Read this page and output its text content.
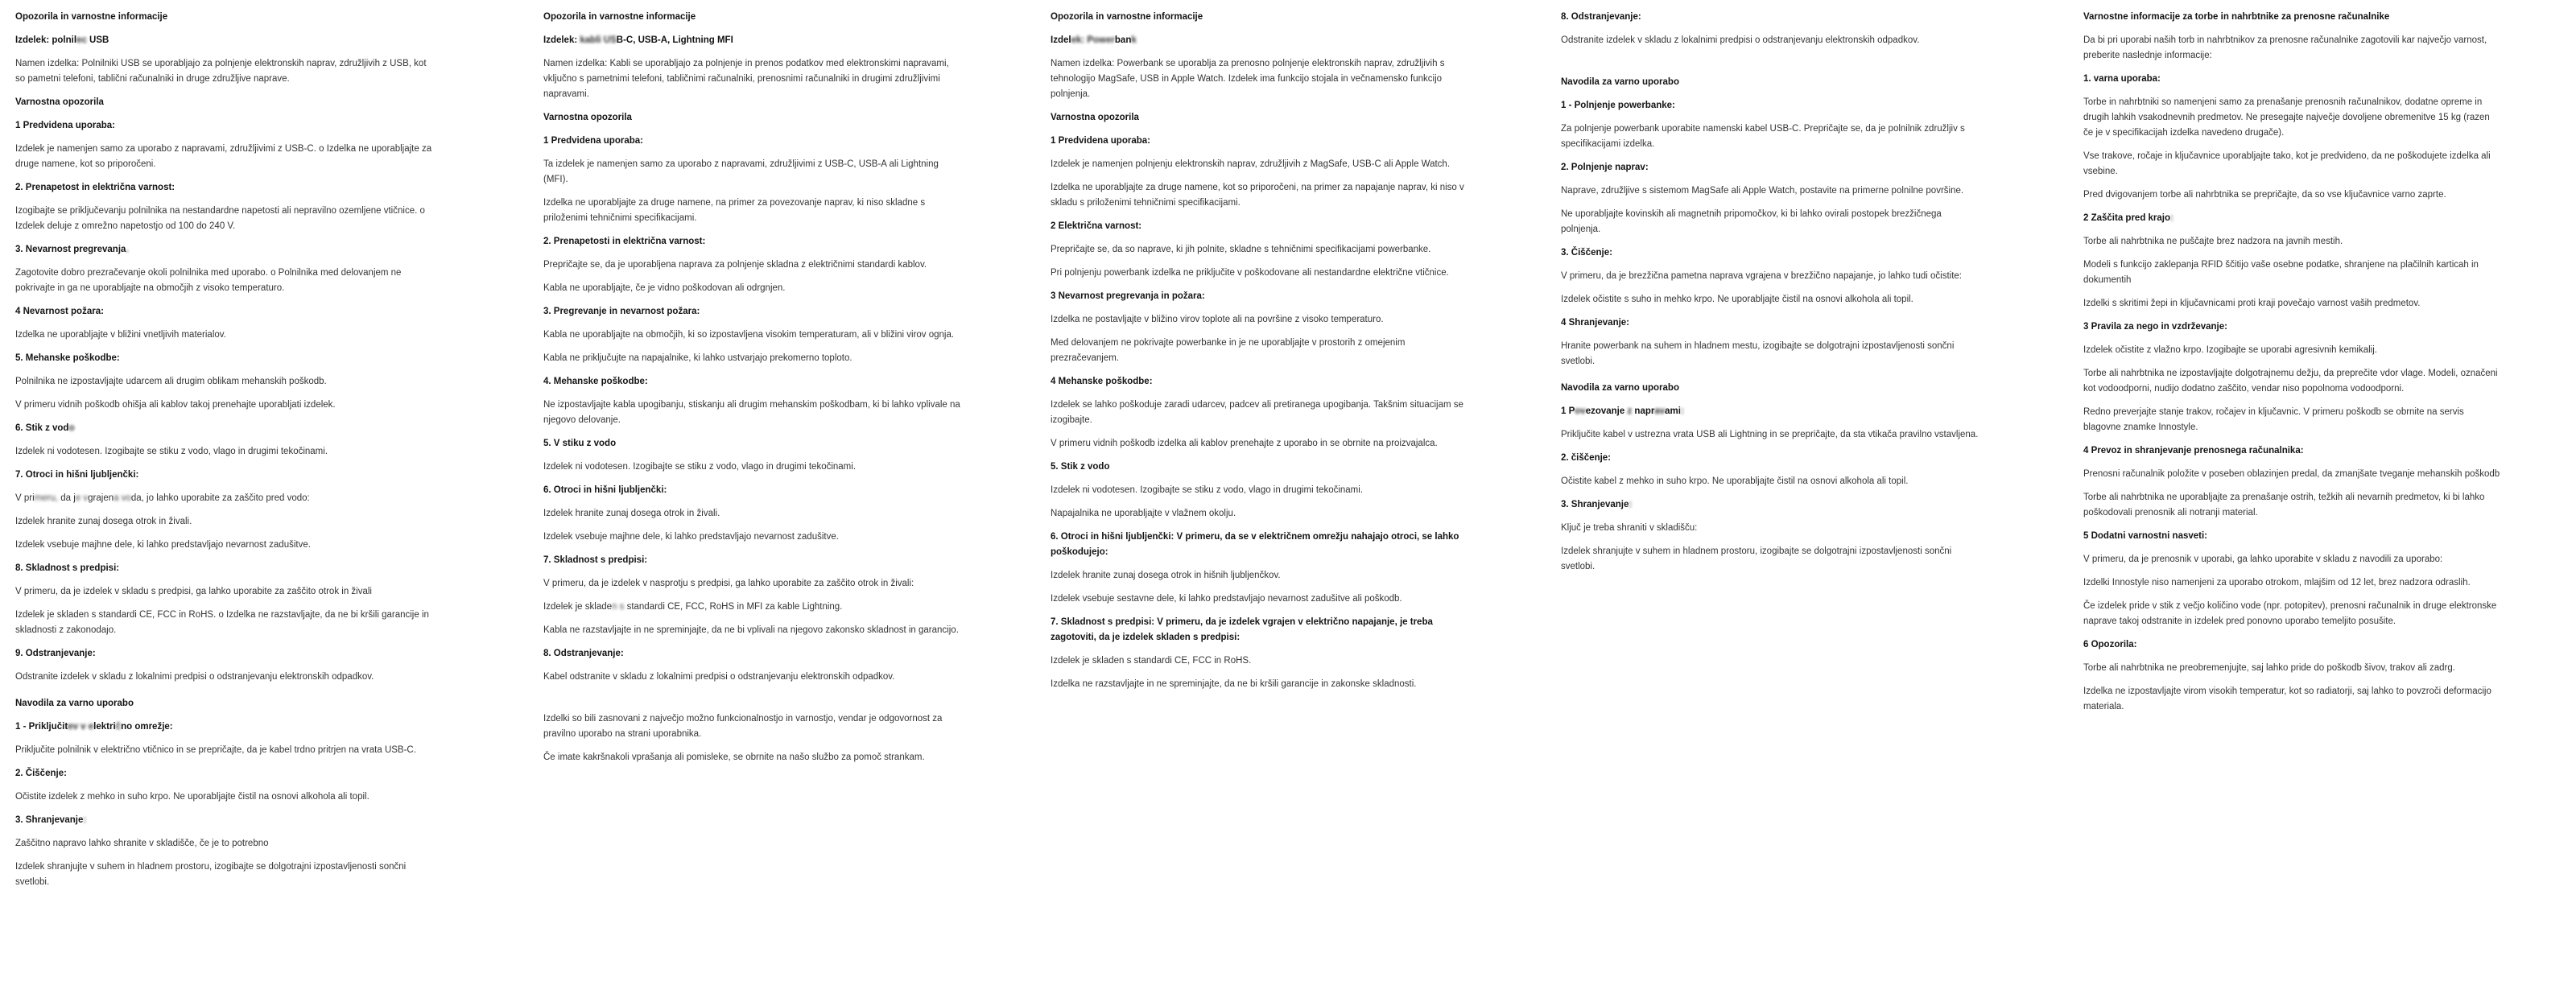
Opozorila in varnostne informacije
Izdelek: polnilec USB
Namen izdelka: Polnilniki USB se uporabljajo za polnjenje elektronskih naprav, združljivih z USB, kot so pametni telefoni, tablični računalniki in druge združljive naprave.
Varnostna opozorila
1 Predvidena uporaba:
Izdelek je namenjen samo za uporabo z napravami, združljivimi z USB-C. o Izdelka ne uporabljajte za druge namene, kot so priporočeni.
2. Prenapetost in električna varnost:
Izogibajte se priključevanju polnilnika na nestandardne napetosti ali nepravilno ozemljene vtičnice. o Izdelek deluje z omrežno napetostjo od 100 do 240 V.
3. Nevarnost pregrevanja.
Zagotovite dobro prezračevanje okoli polnilnika med uporabo. o Polnilnika med delovanjem ne pokrivajte in ga ne uporabljajte na območjih z visoko temperaturo.
4 Nevarnost požara:
Izdelka ne uporabljajte v bližini vnetljivih materialov.
5. Mehanske poškodbe:
Polnilnika ne izpostavljajte udarcem ali drugim oblikam mehanskih poškodb.
V primeru vidnih poškodb ohišja ali kablov takoj prenehajte uporabljati izdelek.
6. Stik z vodo
Izdelek ni vodotesen. Izogibajte se stiku z vodo, vlago in drugimi tekočinami.
7. Otroci in hišni ljubljenčki:
V primeru, da je vgrajena voda, jo lahko uporabite za zaščito pred vodo:
Izdelek hranite zunaj dosega otrok in živali.
Izdelek vsebuje majhne dele, ki lahko predstavljajo nevarnost zadušitve.
8. Skladnost s predpisi:
V primeru, da je izdelek v skladu s predpisi, ga lahko uporabite za zaščito otrok in živali
Izdelek je skladen s standardi CE, FCC in RoHS. o Izdelka ne razstavljajte, da ne bi kršili garancije in skladnosti z zakonodajo.
9. Odstranjevanje:
Odstranite izdelek v skladu z lokalnimi predpisi o odstranjevanju elektronskih odpadkov.
Navodila za varno uporabo
1 - Priključitev v električno omrežje:
Priključite polnilnik v električno vtičnico in se prepričajte, da je kabel trdno pritrjen na vrata USB-C.
2. Čiščenje:
Očistite izdelek z mehko in suho krpo. Ne uporabljajte čistil na osnovi alkohola ali topil.
3. Shranjevanje:
Zaščitno napravo lahko shranite v skladišče, če je to potrebno
Izdelek shranjujte v suhem in hladnem prostoru, izogibajte se dolgotrajni izpostavljenosti sončni svetlobi.
Opozorila in varnostne informacije
Izdelek: kabli USB-C, USB-A, Lightning MFI
Namen izdelka: Kabli se uporabljajo za polnjenje in prenos podatkov med elektronskimi napravami, vključno s pametnimi telefoni, tabličnimi računalniki, prenosnimi računalniki in drugimi združljivimi napravami.
Varnostna opozorila
1 Predvidena uporaba:
Ta izdelek je namenjen samo za uporabo z napravami, združljivimi z USB-C, USB-A ali Lightning (MFI).
Izdelka ne uporabljajte za druge namene, na primer za povezovanje naprav, ki niso skladne s priloženimi tehničnimi specifikacijami.
2. Prenapetosti in električna varnost:
Prepričajte se, da je uporabljena naprava za polnjenje skladna z električnimi standardi kablov.
Kabla ne uporabljajte, če je vidno poškodovan ali odrgnjen.
3. Pregrevanje in nevarnost požara:
Kabla ne uporabljajte na območjih, ki so izpostavljena visokim temperaturam, ali v bližini virov ognja.
Kabla ne priključujte na napajalnike, ki lahko ustvarjajo prekomerno toploto.
4. Mehanske poškodbe:
Ne izpostavljajte kabla upogibanju, stiskanju ali drugim mehanskim poškodbam, ki bi lahko vplivale na njegovo delovanje.
5. V stiku z vodo
Izdelek ni vodotesen. Izogibajte se stiku z vodo, vlago in drugimi tekočinami.
6. Otroci in hišni ljubljenčki:
Izdelek hranite zunaj dosega otrok in živali.
Izdelek vsebuje majhne dele, ki lahko predstavljajo nevarnost zadušitve.
7. Skladnost s predpisi:
V primeru, da je izdelek v nasprotju s predpisi, ga lahko uporabite za zaščito otrok in živali:
Izdelek je skladen s standardi CE, FCC, RoHS in MFI za kable Lightning.
Kabla ne razstavljajte in ne spreminjajte, da ne bi vplivali na njegovo zakonsko skladnost in garancijo.
8. Odstranjevanje:
Kabel odstranite v skladu z lokalnimi predpisi o odstranjevanju elektronskih odpadkov.
Izdelki so bili zasnovani z največjo možno funkcionalnostjo in varnostjo, vendar je odgovornost za pravilno uporabo na strani uporabnika.
Če imate kakršnakoli vprašanja ali pomisleke, se obrnite na našo službo za pomoč strankam.
Opozorila in varnostne informacije
Izdelek: Powerbank
Namen izdelka: Powerbank se uporablja za prenosno polnjenje elektronskih naprav, združljivih s tehnologijo MagSafe, USB in Apple Watch. Izdelek ima funkcijo stojala in večnamensko funkcijo polnjenja.
Varnostna opozorila
1 Predvidena uporaba:
Izdelek je namenjen polnjenju elektronskih naprav, združljivih z MagSafe, USB-C ali Apple Watch.
Izdelka ne uporabljajte za druge namene, kot so priporočeni, na primer za napajanje naprav, ki niso v skladu s priloženimi tehničnimi specifikacijami.
2 Električna varnost:
Prepričajte se, da so naprave, ki jih polnite, skladne s tehničnimi specifikacijami powerbanke.
Pri polnjenju powerbank izdelka ne priključite v poškodovane ali nestandardne električne vtičnice.
3 Nevarnost pregrevanja in požara:
Izdelka ne postavljajte v bližino virov toplote ali na površine z visoko temperaturo.
Med delovanjem ne pokrivajte powerbanke in je ne uporabljajte v prostorih z omejenim prezračevanjem.
4 Mehanske poškodbe:
Izdelek se lahko poškoduje zaradi udarcev, padcev ali pretiranega upogibanja. Takšnim situacijam se izogibajte.
V primeru vidnih poškodb izdelka ali kablov prenehajte z uporabo in se obrnite na proizvajalca.
5. Stik z vodo
Izdelek ni vodotesen. Izogibajte se stiku z vodo, vlago in drugimi tekočinami.
Napajalnika ne uporabljajte v vlažnem okolju.
6. Otroci in hišni ljubljenčki: V primeru, da se v električnem omrežju nahajajo otroci, se lahko poškodujejo:
Izdelek hranite zunaj dosega otrok in hišnih ljubljenčkov.
Izdelek vsebuje sestavne dele, ki lahko predstavljajo nevarnost zadušitve ali poškodb.
7. Skladnost s predpisi: V primeru, da je izdelek vgrajen v električno napajanje, je treba zagotoviti, da je izdelek skladen s predpisi:
Izdelek je skladen s standardi CE, FCC in RoHS.
Izdelka ne razstavljajte in ne spreminjajte, da ne bi kršili garancije in zakonske skladnosti.
8. Odstranjevanje:
Odstranite izdelek v skladu z lokalnimi predpisi o odstranjevanju elektronskih odpadkov.
Navodila za varno uporabo
1 - Polnjenje powerbanke:
Za polnjenje powerbank uporabite namenski kabel USB-C. Prepričajte se, da je polnilnik združljiv s specifikacijami izdelka.
2. Polnjenje naprav:
Naprave, združljive s sistemom MagSafe ali Apple Watch, postavite na primerne polnilne površine.
Ne uporabljajte kovinskih ali magnetnih pripomočkov, ki bi lahko ovirali postopek brezžičnega polnjenja.
3. Čiščenje:
V primeru, da je brezžična pametna naprava vgrajena v brezžično napajanje, jo lahko tudi očistite:
Izdelek očistite s suho in mehko krpo. Ne uporabljajte čistil na osnovi alkohola ali topil.
4 Shranjevanje:
Hranite powerbank na suhem in hladnem mestu, izogibajte se dolgotrajni izpostavljenosti sončni svetlobi.
Navodila za varno uporabo
1 Povezovanje z napravami:
Priključite kabel v ustrezna vrata USB ali Lightning in se prepričajte, da sta vtikača pravilno vstavljena.
2. čiščenje:
Očistite kabel z mehko in suho krpo. Ne uporabljajte čistil na osnovi alkohola ali topil.
3. Shranjevanje:
Ključ je treba shraniti v skladišču:
Izdelek shranjujte v suhem in hladnem prostoru, izogibajte se dolgotrajni izpostavljenosti sončni svetlobi.
Varnostne informacije za torbe in nahrbtnike za prenosne računalnike
Da bi pri uporabi naših torb in nahrbtnikov za prenosne računalnike zagotovili kar največjo varnost, preberite naslednje informacije:
1. varna uporaba:
Torbe in nahrbtniki so namenjeni samo za prenašanje prenosnih računalnikov, dodatne opreme in drugih lahkih vsakodnevnih predmetov. Ne presegajte največje dovoljene obremenitve 15 kg (razen če je v specifikacijah izdelka navedeno drugače).
Vse trakove, ročaje in ključavnice uporabljajte tako, kot je predvideno, da ne poškodujete izdelka ali vsebine.
Pred dvigovanjem torbe ali nahrbtnika se prepričajte, da so vse ključavnice varno zaprte.
2 Zaščita pred krajo:
Torbe ali nahrbtnika ne puščajte brez nadzora na javnih mestih.
Modeli s funkcijo zaklepanja RFID ščitijo vaše osebne podatke, shranjene na plačilnih karticah in dokumentih
Izdelki s skritimi žepi in ključavnicami proti kraji povečajo varnost vaših predmetov.
3 Pravila za nego in vzdrževanje:
Izdelek očistite z vlažno krpo. Izogibajte se uporabi agresivnih kemikalij.
Torbe ali nahrbtnika ne izpostavljajte dolgotrajnemu dežju, da preprečite vdor vlage. Modeli, označeni kot vodoodporni, nudijo dodatno zaščito, vendar niso popolnoma vodoodporni.
Redno preverjajte stanje trakov, ročajev in ključavnic. V primeru poškodb se obrnite na servis blagovne znamke Innostyle.
4 Prevoz in shranjevanje prenosnega računalnika:
Prenosni računalnik položite v poseben oblazinjen predal, da zmanjšate tveganje mehanskih poškodb
Torbe ali nahrbtnika ne uporabljajte za prenašanje ostrih, težkih ali nevarnih predmetov, ki bi lahko poškodovali prenosnik ali notranji material.
5 Dodatni varnostni nasveti:
V primeru, da je prenosnik v uporabi, ga lahko uporabite v skladu z navodili za uporabo:
Izdelki Innostyle niso namenjeni za uporabo otrokom, mlajšim od 12 let, brez nadzora odraslih.
Če izdelek pride v stik z večjo količino vode (npr. potopitev), prenosni računalnik in druge elektronske naprave takoj odstranite in izdelek pred ponovno uporabo temeljito posušite.
6 Opozorila:
Torbe ali nahrbtnika ne preobremenjujte, saj lahko pride do poškodb šivov, trakov ali zadrg.
Izdelka ne izpostavljajte virom visokih temperatur, kot so radiatorji, saj lahko to povzroči deformacijo materiala.
